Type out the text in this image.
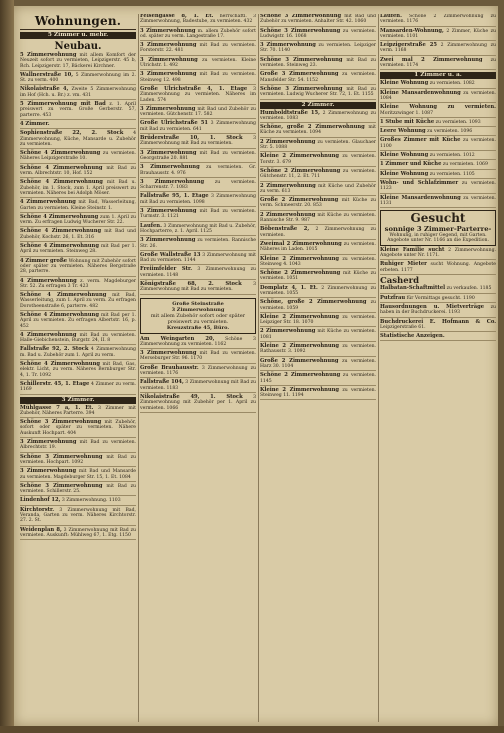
Wohnungen.
5 Zimmer u. mehr.
Neubau.
5 Zimmerwohnung mit allem Komfort der Neuzeit sofort zu vermieten, Leipzigerstr. 45 b, Rch. Leipzigerstr. 17, Bäckerei Kirchner.
Wallnerstraße 10, 5 Zimmerwohnung im 2. St. zu verm. 400
Nikolaistraße 4, Zweite 5 Zimmerwohnung im Hof (Hch. u. Br.) z. vm. 431
5 Zimmerwohnung mit Bad z. 1. April preiswert zu verm. Große Gerberstr. 57, parterre. 453
4 Zimmer.
Sophienstraße 22, 2. Stock 4 Zimmerwohnung, Küche, Mansarde u. Zubehör zu vermieten.
Schöne 4 Zimmerwohnung zu vermieten. Näheres Leipzigerstraße 10.
Schöne 4 Zimmerwohnung mit Bad zu verm. Albrechtstr. 10, Hof. 152
Schöne 4 Zimmerwohnung mit Bad u. Zubehör, im 1. Stock, zum 1. April preiswert zu vermieten. Näheres bei Adolph Möser.
4 Zimmerwohnung mit Bad, Wasserleitung, Garten zu vermieten. Kleine Steinstr. 1.
Schöne 4 Zimmerwohnung zum 1. April zu verm. Zu erfragen Ludwig Wucherer Str. 22.
Schöne 4 Zimmerwohnung mit Bad und Zubehör, Kochstr. 26, 1. Et. 316
Schöne 4 Zimmerwohnung mit Bad per 1. April zu vermieten. Steinweg 28.
4 Zimmer große Wohnung mit Zubehör sofort oder später zu vermieten. Näheres Bergstraße 28, parterre.
4 Zimmerwohnung z. verm. Magdeburger Str. 52. Zu erfragen 3 Tr. 423
Schöne 4 Zimmerwohnung mit Bad, Wasserleitung, zum 1. April zu verm. Zu erfragen Dorotheenstraße 6, parterre. 482
Schöne 4 Zimmerwohnung mit Bad per 1. April zu vermieten. Zu erfragen Albertstr. 16, p. 452
4 Zimmerwohnung mit Bad zu vermieten. Halle-Giebichenstein, Burgstr. 24, II. 8
Fallstraße 92, 2. Stock 4 Zimmerwohnung m. Bad u. Zubehör zum 1. April zu verm.
Schöne 4 Zimmerwohnung mit Bad, Gas, elektr. Licht, zu verm. Näheres Bernburger Str. 4, 1. Tr. 1092
Schillerstr. 45, 1. Etage 4 Zimmer zu verm. 1169
3 Zimmer.
Mühlgasse 7 a, 1. Et. 3 Zimmer mit Zubehör, Näheres Parterre. 394
Schöne 3 Zimmerwohnung mit Zubehör, sofort oder später zu vermieten. Nähere Auskunft Hochpart. 404
3 Zimmerwohnung mit Bad zu vermieten. Albrechtstr. 19.
Schöne 3 Zimmerwohnung mit Bad zu vermieten. Hochpart. 1092
3 Zimmerwohnung mit Bad und Mansarde zu vermieten. Magdeburger Str. 15, 1. Et. 1084
Schöne 3 Zimmerwohnung mit Bad zu vermieten. Schillerstr. 25.
Lindenhof 12, 3 Zimmerwohnung. 1103
Kirchtorstr. 3 Zimmerwohnung mit Bad, Veranda, Garten zu verm. Näheres Kirchtorstr. 27. 2. St.
Weidenplan 8, 3 Zimmerwohnung mit Bad zu vermieten. Auskunft: Mühlweg 67, 1. Etg. 1150
Felsengasse 8, 1. Et. herrschaftl. 3 Zimmerwohnung, Badestube, zu vermieten. 432
3 Zimmerwohnung m. allem Zubehör sofort od. später zu verm. Langestraße 17.
3 Zimmerwohnung mit Bad zu vermieten. Forsterstr. 22. 481
3 Zimmerwohnung zu vermieten. Kleine Ulrichstr. 1. 492
3 Zimmerwohnung mit Bad zu vermieten. Steinweg 12. 498
Große Ulrichstraße 4, 1. Etage 3 Zimmerwohnung zu vermieten. Näheres im Laden. 574
3 Zimmerwohnung mit Bad und Zubehör zu vermieten. Gütchenstr. 17. 582
Große Ulrichstraße 51 3 Zimmerwohnung mit Bad zu vermieten. 641
Brüderstraße 10, 1. Stock 3 Zimmerwohnung mit Bad zu vermieten.
3 Zimmerwohnung mit Bad zu vermieten. Georgstraße 20. 881
3 Zimmerwohnung zu vermieten. Gr. Brauhausstr. 4. 976
3 Zimmerwohnung zu vermieten. Scharrenstr. 7. 1083
Fallstraße 95, 1. Etage 3 Zimmerwohnung mit Bad zu vermieten. 1098
3 Zimmerwohnung mit Bad zu vermieten. Turmstr. 3. 1121
Laufen. 3 Zimmerwohnung mit Bad u. Zubehör, Hochparterre, z. 1. April. 1125
3 Zimmerwohnung zu vermieten. Rannische Str. 26.
Große Wallstraße 13 3 Zimmerwohnung mit Bad zu vermieten. 1144
Freiimfelder Str. 3 Zimmerwohnung zu vermieten. 1148
Königstraße 68, 2. Stock 3 Zimmerwohnung mit Bad zu vermieten.
Große Steinstraße
3 Zimmerwohnung
mit allem Zubehör sofort oder später preiswert zu vermieten.
Kreuzstraße 45, Büro.
Am Weingarten 20, Schöne 3 Zimmerwohnung zu vermieten. 1162
3 Zimmerwohnung mit Bad zu vermieten. Merseburger Str. 96. 1170
Große Brauhausstr. 3 Zimmerwohnung zu vermieten. 1176
Fallstraße 104, 3 Zimmerwohnung mit Bad zu vermieten. 1183
Nikolaistraße 49, 1. Stock 3 Zimmerwohnung mit Zubehör per 1. April zu vermieten. 1066
Schöne 3 Zimmerwohnung mit Bad und Zubehör zu vermieten. Anhalter Str. 42. 1060
Schöne 3 Zimmerwohnung zu vermieten. Ludwigstr. 16. 1068
3 Zimmerwohnung zu vermieten. Leipziger Str. 70. 1140
Schöne 3 Zimmerwohnung mit Bad zu vermieten. Steinweg 23.
Große 3 Zimmerwohnung zu vermieten. Mansfelder Str. 54. 1152
Schöne 3 Zimmerwohnung mit Bad zu vermieten. Ludwig Wucherer Str. 72, 1. Et. 1155
2 Zimmer.
Humboldtstraße 15, 2 Zimmerwohnung zu vermieten. 1083
Schöne, große 2 Zimmerwohnung mit Küche zu vermieten. 1094
2 Zimmerwohnung zu vermieten. Glauchaer Str. 5. 1088
Kleine 2 Zimmerwohnung zu vermieten. Torstr. 3. 679
Schöne 2 Zimmerwohnung zu vermieten. Gütchenstr. 11, 2. Et. 711
2 Zimmerwohnung mit Küche und Zubehör zu verm. 613
Große 2 Zimmerwohnung mit Küche zu verm. Schmeerstr. 20. 853
2 Zimmerwohnung mit Küche zu vermieten. Rannische Str. 9. 987
Böbenstraße 2, 2 Zimmerwohnung zu vermieten.
Zweimal 2 Zimmerwohnung zu vermieten. Näheres im Laden. 1015
Kleine 2 Zimmerwohnung zu vermieten. Steinweg 4. 1043
Schöne 2 Zimmerwohnung mit Küche zu vermieten. 1051
Domplatz 4, 1. Et. 2 Zimmerwohnung zu vermieten. 1055
Schöne, große 2 Zimmerwohnung zu vermieten. 1059
Kleine 2 Zimmerwohnung zu vermieten. Leipziger Str. 18. 1070
2 Zimmerwohnung mit Küche zu vermieten. 1081
Kleine 2 Zimmerwohnung zu vermieten. Rathausstr. 3. 1092
Große 2 Zimmerwohnung zu vermieten. Harz 30. 1104
Schöne 2 Zimmerwohnung zu vermieten. 1145
Kleine 2 Zimmerwohnung zu vermieten. Steinweg 11. 1194
Laufen. Schöne 2 Zimmerwohnung zu vermieten. 1176
Mansarden-Wohnung, 2 Zimmer, Küche zu vermieten. 1101
Leipzigerstraße 25 2 Zimmerwohnung zu verm. 1168
Zwei mal 2 Zimmerwohnung zu vermieten. 1174
1 Zimmer u. a.
Kleine Wohnung zu vermieten. 1082
Kleine Mansardenwohnung zu vermieten. 1084
Kleine Wohnung zu vermieten. Moritzzwinger 1. 1087
1 Stube mit Küche zu vermieten. 1093
Leere Wohnung zu vermieten. 1096
Großes Zimmer mit Küche zu vermieten. 1100
Kleine Wohnung zu vermieten. 1012
1 Zimmer und Küche zu vermieten. 1069
Kleine Wohnung zu vermieten. 1105
Wohn- und Schlafzimmer zu vermieten. 1123
Kleine Mansardenwohnung zu vermieten. 1131
Gesucht
sonnige 3 Zimmer-Parterre-
Wohnung, in ruhiger Gegend, mit Garten. Angebote unter Nr. 1166 an die Expedition.
Kleine Familie sucht 2 Zimmerwohnung. Angebote unter Nr. 1171.
Ruhiger Mieter sucht Wohnung. Angebote erbeten. 1177
Casherd
Halbatan-Schaftmittel zu verkaufen. 1185
Putzfrau für Vormittags gesucht. 1190
Hausordnungen u. Mietverträge zu haben in der Buchdruckerei. 1193
Buchdruckerei E. Hofmann & Co. Leipzigerstraße 61.
Statistische Anzeigen.
